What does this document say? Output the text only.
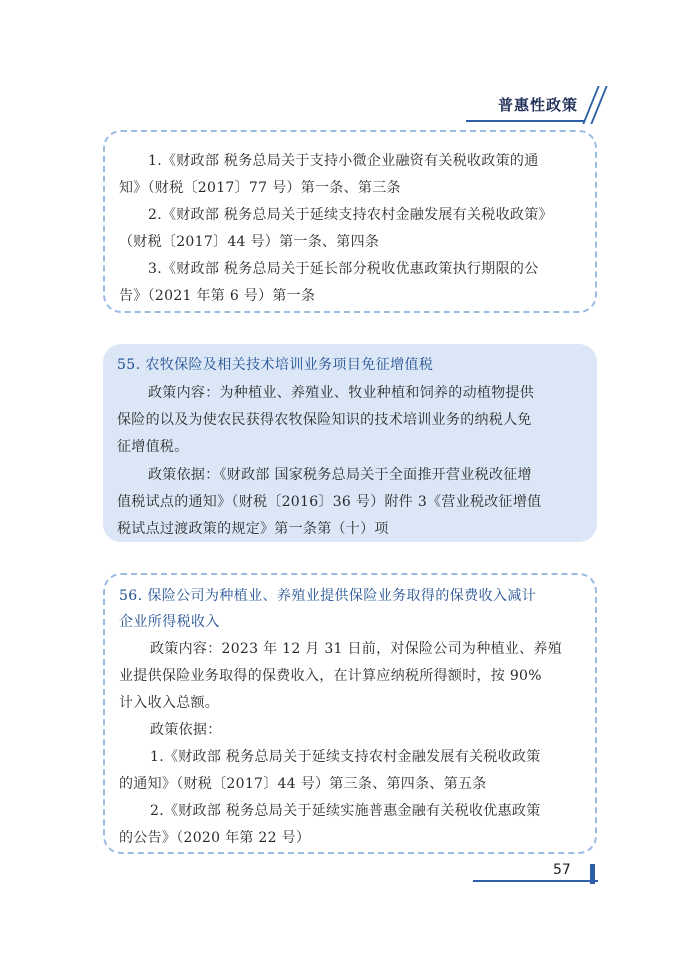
普惠性政策
1.《财政部 税务总局关于支持小微企业融资有关税收政策的通
知》（财税〔2017〕77 号）第一条、第三条
2.《财政部 税务总局关于延续支持农村金融发展有关税收政策》
（财税〔2017〕44 号）第一条、第四条
3.《财政部 税务总局关于延长部分税收优惠政策执行期限的公
告》（2021 年第 6 号）第一条
55. 农牧保险及相关技术培训业务项目免征增值税
政策内容：为种植业、养殖业、牧业种植和饲养的动植物提供
保险的以及为使农民获得农牧保险知识的技术培训业务的纳税人免
征增值税。
政策依据：《财政部 国家税务总局关于全面推开营业税改征增
值税试点的通知》（财税〔2016〕36 号）附件 3《营业税改征增值
税试点过渡政策的规定》第一条第（十）项
56. 保险公司为种植业、养殖业提供保险业务取得的保费收入减计
企业所得税收入
政策内容：2023 年 12 月 31 日前，对保险公司为种植业、养殖
业提供保险业务取得的保费收入，在计算应纳税所得额时，按 90%
计入收入总额。
政策依据：
1.《财政部 税务总局关于延续支持农村金融发展有关税收政策
的通知》（财税〔2017〕44 号）第三条、第四条、第五条
2.《财政部 税务总局关于延续实施普惠金融有关税收优惠政策
的公告》（2020 年第 22 号）
57
